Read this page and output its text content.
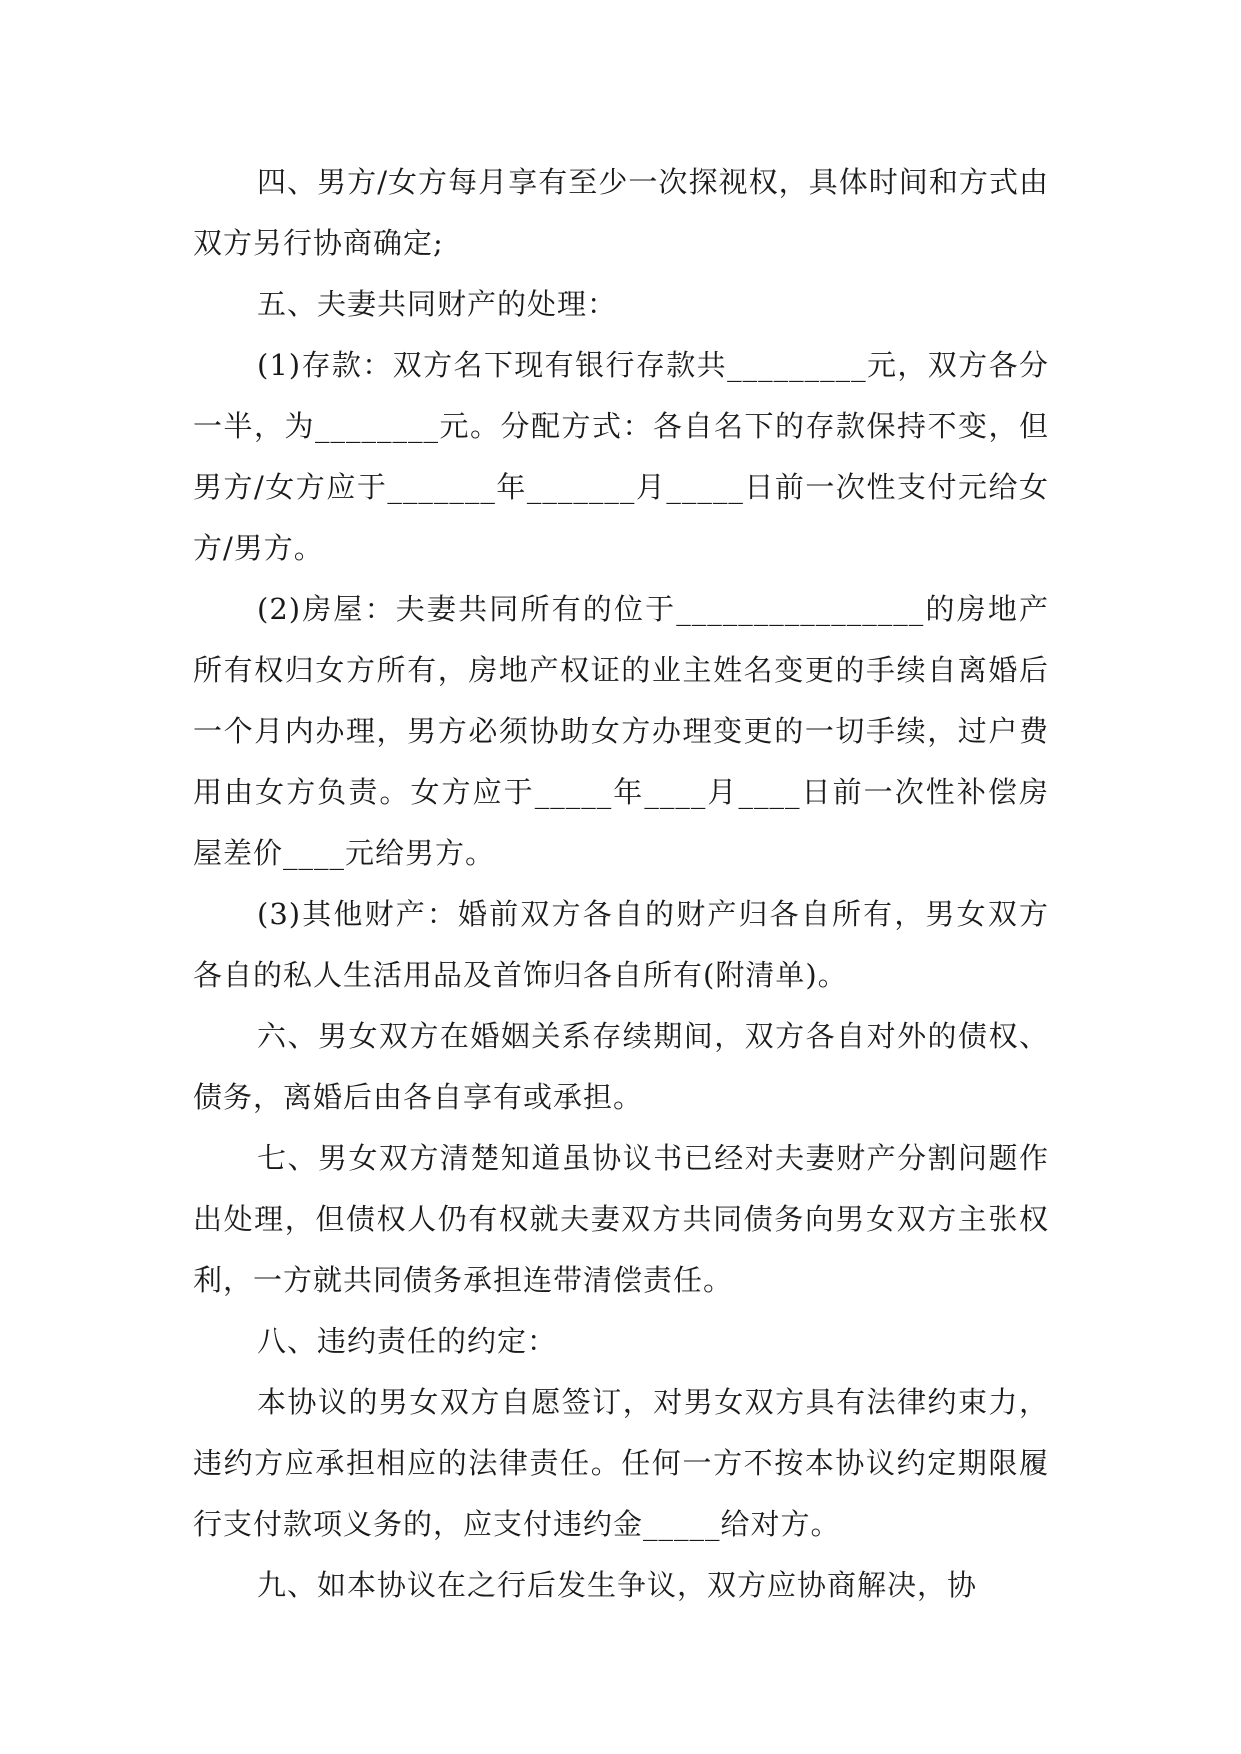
四、男方/女方每月享有至少一次探视权，具体时间和方式由双方另行协商确定;

五、夫妻共同财产的处理：

(1)存款：双方名下现有银行存款共_________元，双方各分一半，为________元。分配方式：各自名下的存款保持不变，但男方/女方应于_______年_______月_____日前一次性支付元给女方/男方。

(2)房屋：夫妻共同所有的位于________________的房地产所有权归女方所有，房地产权证的业主姓名变更的手续自离婚后一个月内办理，男方必须协助女方办理变更的一切手续，过户费用由女方负责。女方应于_____年____月____日前一次性补偿房屋差价____元给男方。

(3)其他财产：婚前双方各自的财产归各自所有，男女双方各自的私人生活用品及首饰归各自所有(附清单)。

六、男女双方在婚姻关系存续期间，双方各自对外的债权、债务，离婚后由各自享有或承担。

七、男女双方清楚知道虽协议书已经对夫妻财产分割问题作出处理，但债权人仍有权就夫妻双方共同债务向男女双方主张权利，一方就共同债务承担连带清偿责任。

八、违约责任的约定：

本协议的男女双方自愿签订，对男女双方具有法律约束力，违约方应承担相应的法律责任。任何一方不按本协议约定期限履行支付款项义务的，应支付违约金_____给对方。

九、如本协议在之行后发生争议，双方应协商解决，协
